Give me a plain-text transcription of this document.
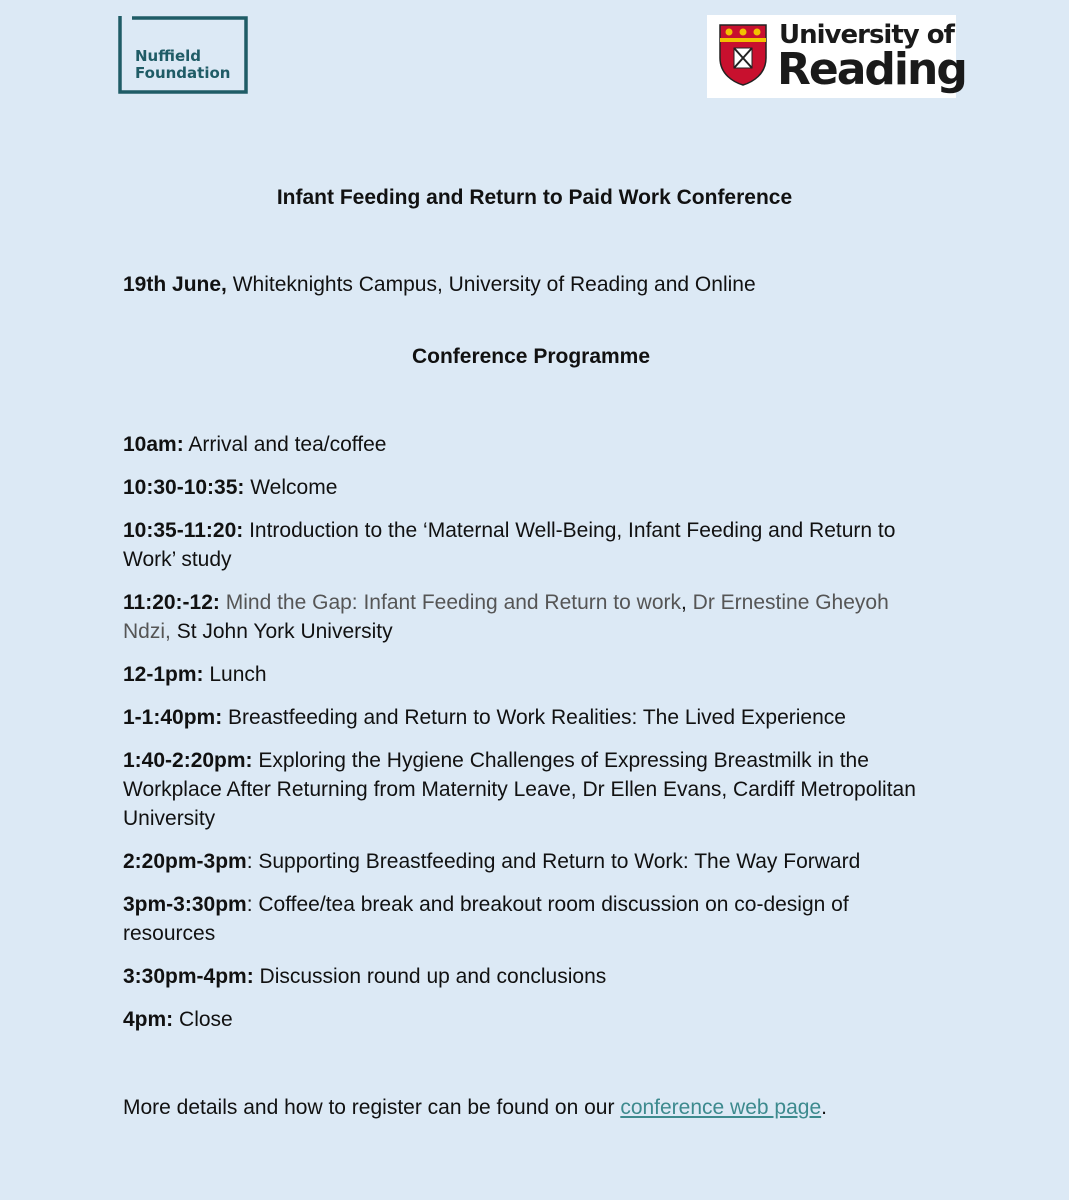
Nuffield
Foundation
University of
Reading
Infant Feeding and Return to Paid Work Conference
19th June, Whiteknights Campus, University of Reading and Online
Conference Programme
10am: Arrival and tea/coffee
10:30-10:35: Welcome
10:35-11:20: Introduction to the ‘Maternal Well-Being, Infant Feeding and Return to Work’ study
11:20:-12: Mind the Gap: Infant Feeding and Return to work, Dr Ernestine Gheyoh Ndzi, St John York University
12-1pm: Lunch
1-1:40pm: Breastfeeding and Return to Work Realities: The Lived Experience
1:40-2:20pm: Exploring the Hygiene Challenges of Expressing Breastmilk in the Workplace After Returning from Maternity Leave, Dr Ellen Evans, Cardiff Metropolitan University
2:20pm-3pm: Supporting Breastfeeding and Return to Work: The Way Forward
3pm-3:30pm: Coffee/tea break and breakout room discussion on co-design of resources
3:30pm-4pm: Discussion round up and conclusions
4pm: Close
More details and how to register can be found on our conference web page.
